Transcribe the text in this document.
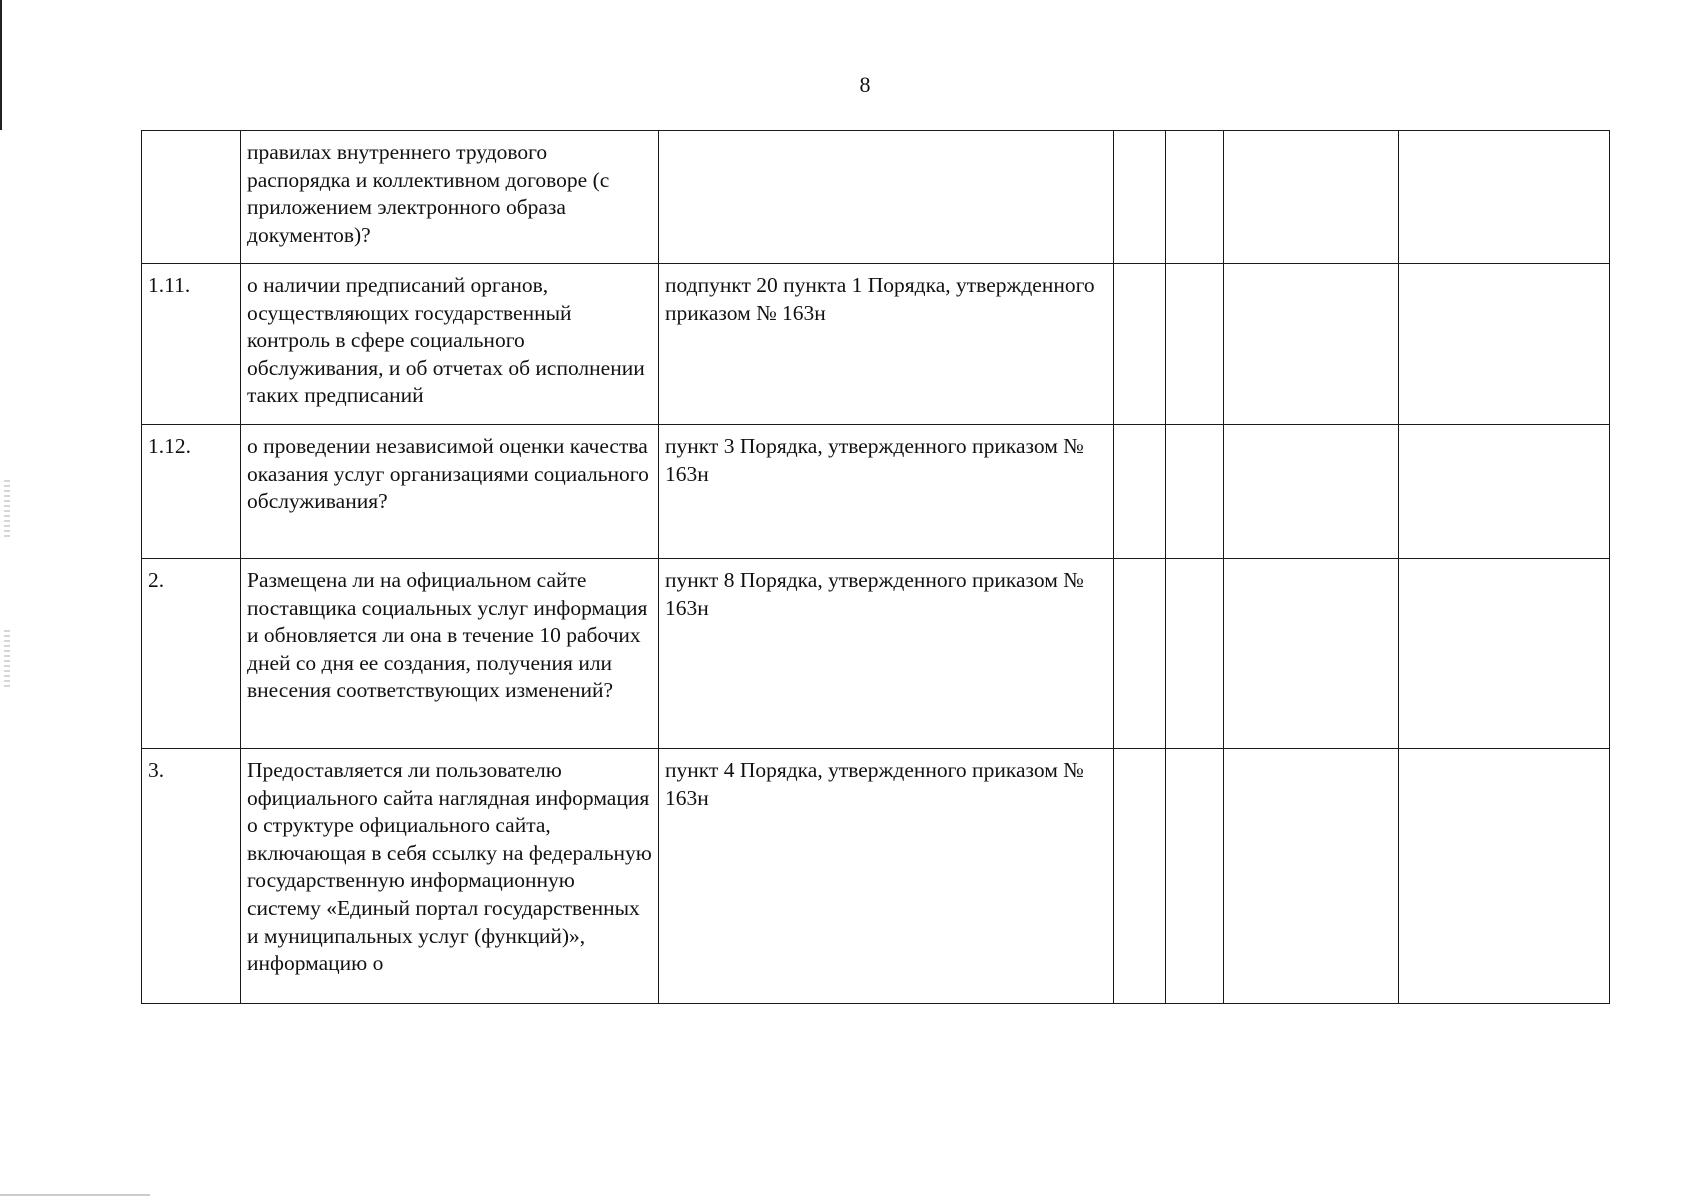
8
	правилах внутреннего трудового распорядка и коллективном договоре (с приложением электронного образа документов)?					
1.11.	о наличии предписаний органов, осуществляющих государственный контроль в сфере социального обслуживания, и об отчетах об исполнении таких предписаний	подпункт 20 пункта 1 Порядка, утвержденного приказом № 163н				
1.12.	о проведении независимой оценки качества оказания услуг организациями социального обслуживания?	пункт 3 Порядка, утвержденного приказом № 163н				
2.	Размещена ли на официальном сайте поставщика социальных услуг информация и обновляется ли она в течение 10 рабочих дней со дня ее создания, получения или внесения соответствующих изменений?	пункт 8 Порядка, утвержденного приказом № 163н				
3.	Предоставляется ли пользователю официального сайта наглядная информация о структуре официального сайта, включающая в себя ссылку на федеральную государственную информационную систему «Единый портал государственных и муниципальных услуг (функций)», информацию о	пункт 4 Порядка, утвержденного приказом № 163н				
